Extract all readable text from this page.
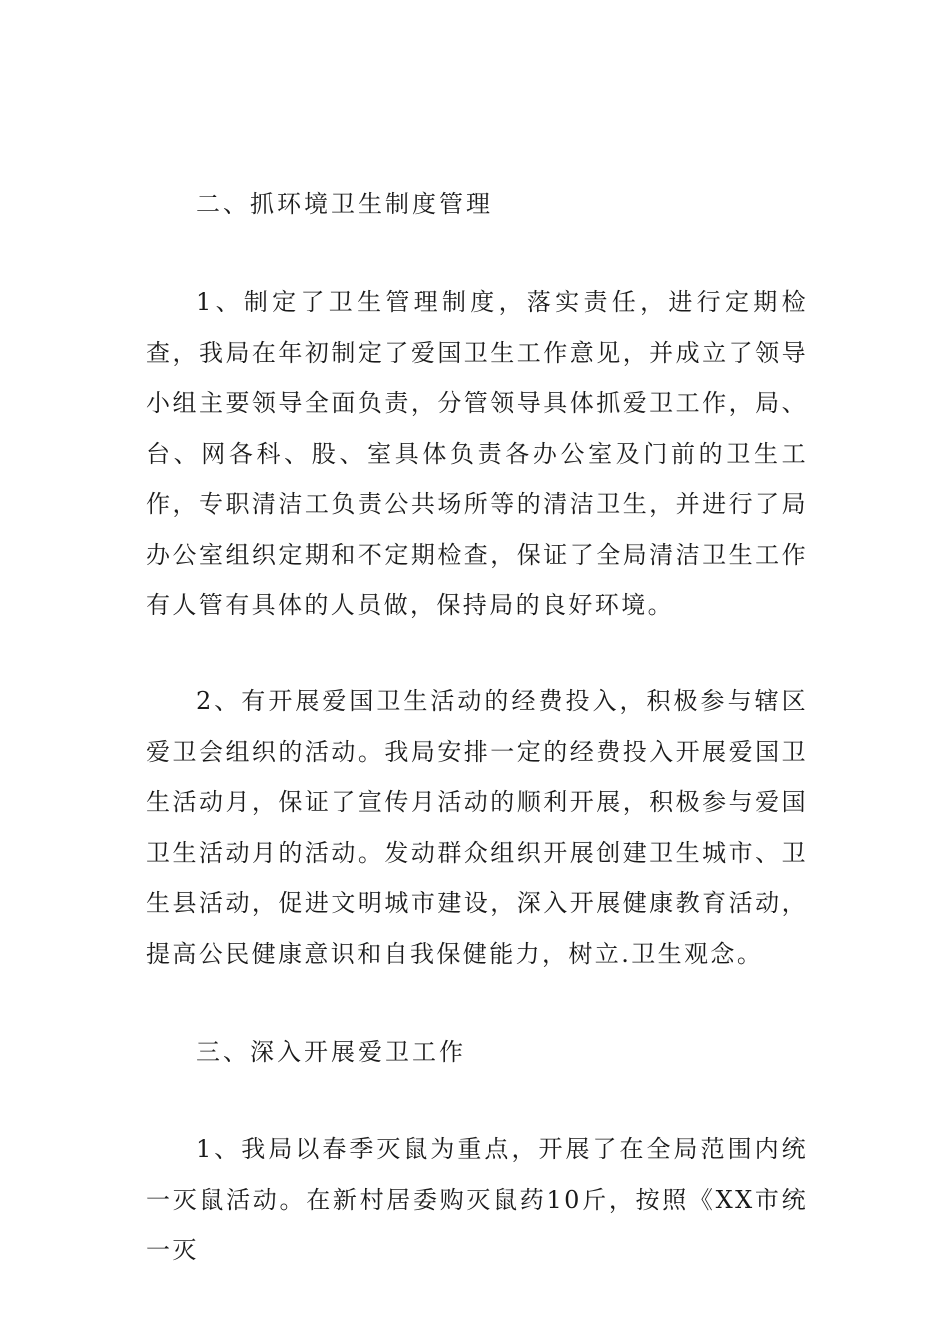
二、抓环境卫生制度管理

1、制定了卫生管理制度，落实责任，进行定期检查，我局在年初制定了爱国卫生工作意见，并成立了领导小组主要领导全面负责，分管领导具体抓爱卫工作，局、台、网各科、股、室具体负责各办公室及门前的卫生工作，专职清洁工负责公共场所等的清洁卫生，并进行了局办公室组织定期和不定期检查，保证了全局清洁卫生工作有人管有具体的人员做，保持局的良好环境。

2、有开展爱国卫生活动的经费投入，积极参与辖区爱卫会组织的活动。我局安排一定的经费投入开展爱国卫生活动月，保证了宣传月活动的顺利开展，积极参与爱国卫生活动月的活动。发动群众组织开展创建卫生城市、卫生县活动，促进文明城市建设，深入开展健康教育活动，提高公民健康意识和自我保健能力，树立.卫生观念。

三、深入开展爱卫工作

1、我局以春季灭鼠为重点，开展了在全局范围内统一灭鼠活动。在新村居委购灭鼠药10斤，按照《XX市统一灭
